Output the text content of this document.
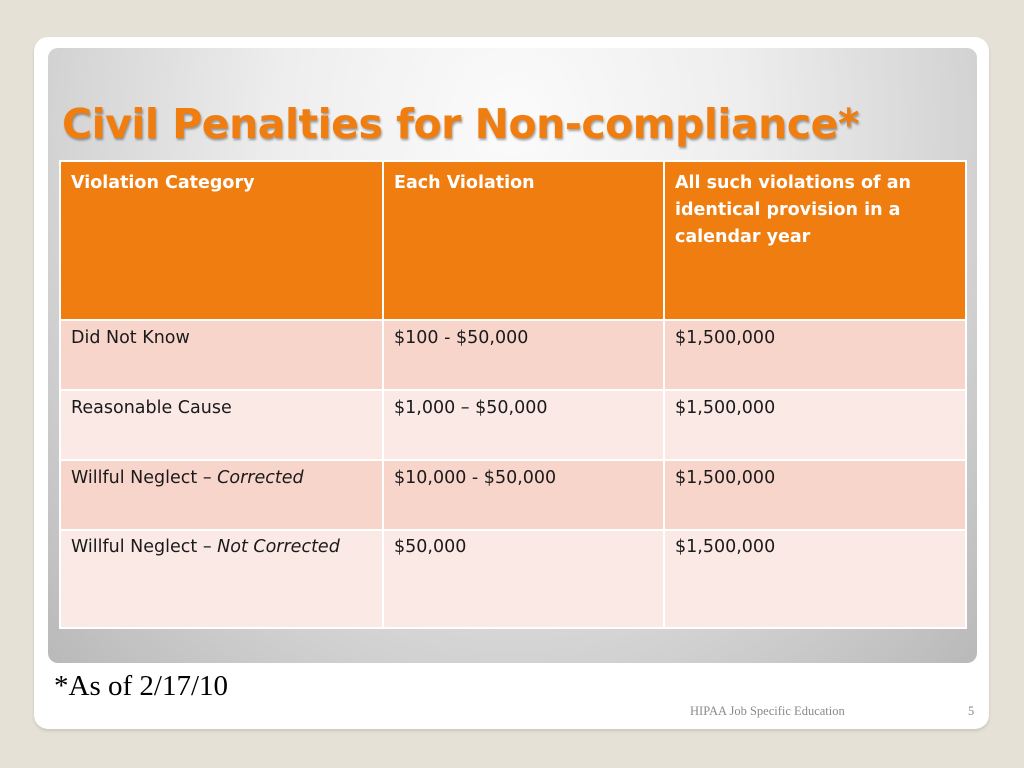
Civil Penalties for Non-compliance*
Violation Category	Each Violation	All such violations of an identical provision in a calendar year
Did Not Know	$100 - $50,000	$1,500,000
Reasonable Cause	$1,000 – $50,000	$1,500,000
Willful Neglect – Corrected	$10,000 - $50,000	$1,500,000
Willful Neglect – Not Corrected	$50,000	$1,500,000
*As of 2/17/10
HIPAA Job Specific Education	5
